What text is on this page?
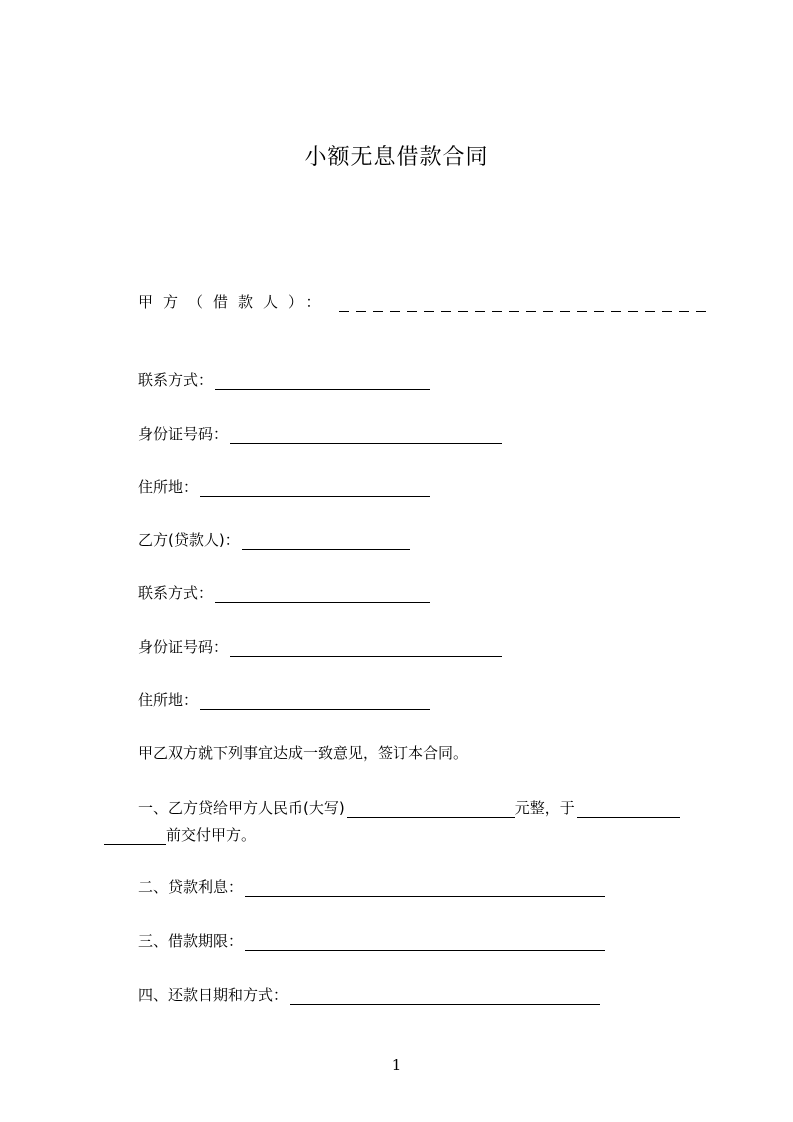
小额无息借款合同
甲方（借款人）：
联系方式：
身份证号码：
住所地：
乙方(贷款人)：
联系方式：
身份证号码：
住所地：
甲乙双方就下列事宜达成一致意见，签订本合同。
一、乙方贷给甲方人民币(大写)	元整，于
前交付甲方。
二、贷款利息：
三、借款期限：
四、还款日期和方式：
1
